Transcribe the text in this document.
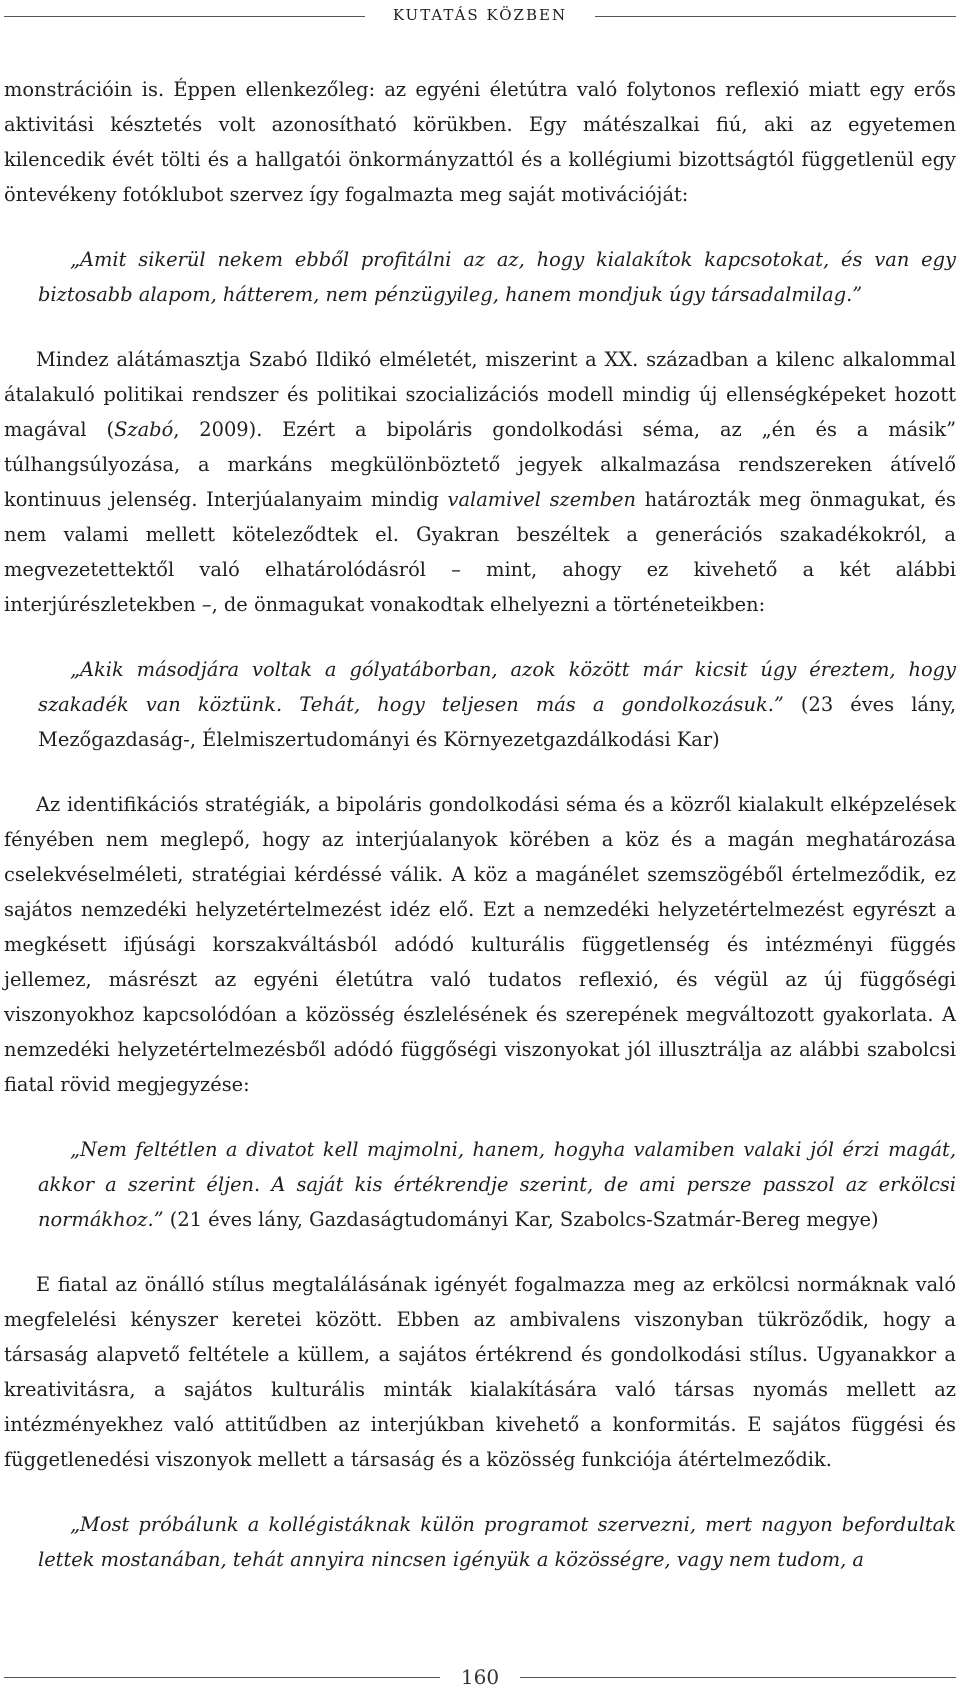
KUTATÁS KÖZBEN

monstrációin is. Éppen ellenkezőleg: az egyéni életútra való folytonos reflexió miatt egy erős aktivitási késztetés volt azonosítható körükben. Egy mátészalkai fiú, aki az egyetemen kilencedik évét tölti és a hallgatói önkormányzattól és a kollégiumi bizottságtól függetlenül egy öntevékeny fotóklubot szervez így fogalmazta meg saját motivációját:

„Amit sikerül nekem ebből profitálni az az, hogy kialakítok kapcsotokat, és van egy biztosabb alapom, hátterem, nem pénzügyileg, hanem mondjuk úgy társadalmilag.”

Mindez alátámasztja Szabó Ildikó elméletét, miszerint a XX. században a kilenc alkalommal átalakuló politikai rendszer és politikai szocializációs modell mindig új ellenségképeket hozott magával (Szabó, 2009). Ezért a bipoláris gondolkodási séma, az „én és a másik” túlhangsúlyozása, a markáns megkülönböztető jegyek alkalmazása rendszereken átívelő kontinuus jelenség. Interjúalanyaim mindig valamivel szemben határozták meg önmagukat, és nem valami mellett köteleződtek el. Gyakran beszéltek a generációs szakadékokról, a megvezetettektől való elhatárolódásról – mint, ahogy ez kivehető a két alábbi interjúrészletekben –, de önmagukat vonakodtak elhelyezni a történeteikben:

„Akik másodjára voltak a gólyatáborban, azok között már kicsit úgy éreztem, hogy szakadék van köztünk. Tehát, hogy teljesen más a gondolkozásuk.” (23 éves lány, Mezőgazdaság-, Élelmiszertudományi és Környezetgazdálkodási Kar)

Az identifikációs stratégiák, a bipoláris gondolkodási séma és a közről kialakult elképzelések fényében nem meglepő, hogy az interjúalanyok körében a köz és a magán meghatározása cselekvéselméleti, stratégiai kérdéssé válik. A köz a magánélet szemszögéből értelmeződik, ez sajátos nemzedéki helyzetértelmezést idéz elő. Ezt a nemzedéki helyzetértelmezést egyrészt a megkésett ifjúsági korszakváltásból adódó kulturális függetlenség és intézményi függés jellemez, másrészt az egyéni életútra való tudatos reflexió, és végül az új függőségi viszonyokhoz kapcsolódóan a közösség észlelésének és szerepének megváltozott gyakorlata. A nemzedéki helyzetértelmezésből adódó függőségi viszonyokat jól illusztrálja az alábbi szabolcsi fiatal rövid megjegyzése:

„Nem feltétlen a divatot kell majmolni, hanem, hogyha valamiben valaki jól érzi magát, akkor a szerint éljen. A saját kis értékrendje szerint, de ami persze passzol az erkölcsi normákhoz.” (21 éves lány, Gazdaságtudományi Kar, Szabolcs-Szatmár-Bereg megye)

E fiatal az önálló stílus megtalálásának igényét fogalmazza meg az erkölcsi normáknak való megfelelési kényszer keretei között. Ebben az ambivalens viszonyban tükröződik, hogy a társaság alapvető feltétele a küllem, a sajátos értékrend és gondolkodási stílus. Ugyanakkor a kreativitásra, a sajátos kulturális minták kialakítására való társas nyomás mellett az intézményekhez való attitűdben az interjúkban kivehető a konformitás. E sajátos függési és függetlenedési viszonyok mellett a társaság és a közösség funkciója átértelmeződik.

„Most próbálunk a kollégistáknak külön programot szervezni, mert nagyon befordultak lettek mostanában, tehát annyira nincsen igényük a közösségre, vagy nem tudom, a
160
